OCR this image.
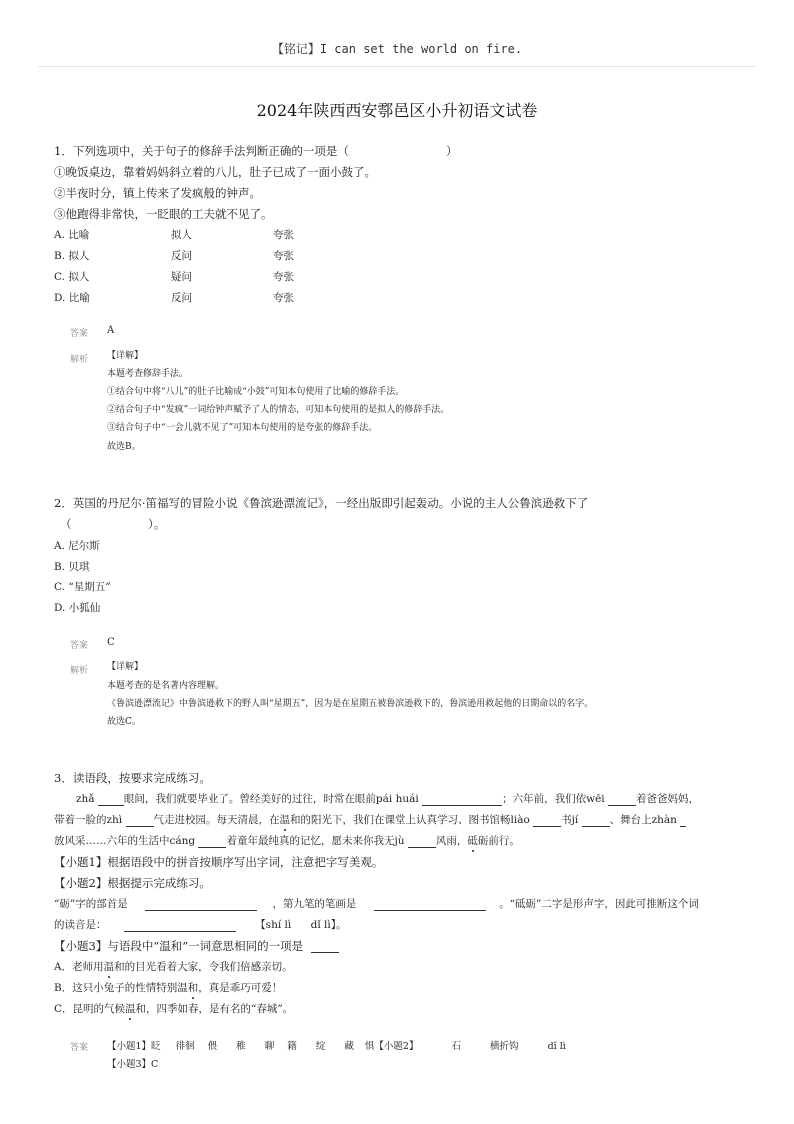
【铭记】I can set the world on fire.
2024年陕西西安鄠邑区小升初语文试卷
1．下列选项中，关于句子的修辞手法判断正确的一项是（	）
①晚饭桌边，靠着妈妈斜立着的八儿，肚子已成了一面小鼓了。
②半夜时分，镇上传来了发疯般的钟声。
③他跑得非常快，一眨眼的工夫就不见了。
A. 比喻	拟人	夸张
B. 拟人	反问	夸张
C. 拟人	疑问	夸张
D. 比喻	反问	夸张
答案 A
解析 【详解】
本题考查修辞手法。
①结合句中将“八儿”的肚子比喻成“小鼓”可知本句使用了比喻的修辞手法。
②结合句子中“发疯”一词给钟声赋予了人的情态，可知本句使用的是拟人的修辞手法。
③结合句子中“一会儿就不见了”可知本句使用的是夸张的修辞手法。
故选B。
2．英国的丹尼尔·笛福写的冒险小说《鲁滨逊漂流记》，一经出版即引起轰动。小说的主人公鲁滨逊救下了
（	）。
A. 尼尔斯
B. 贝琪
C. “星期五”
D. 小狐仙
答案 C
解析 【详解】
本题考查的是名著内容理解。
《鲁滨逊漂流记》中鲁滨逊救下的野人叫“星期五”，因为是在星期五被鲁滨逊救下的，鲁滨逊用救起他的日期命以的名字。
故选C。
3．读语段，按要求完成练习。
zhǎ	眼间，我们就要毕业了。曾经美好的过往，时常在眼前pái huái	；六年前，我们依wēi	着爸爸妈妈，
带着一脸的zhì	气走进校园。每天清晨，在温和的阳光下，我们在课堂上认真学习、图书馆畅liào	书jí	、舞台上zhàn
放风采……六年的生活中cáng	着童年最纯真的记忆，愿未来你我无jù	风雨，砥砺前行。
【小题1】根据语段中的拼音按顺序写出字词，注意把字写美观。
【小题2】根据提示完成练习。
“砺”字的部首是	，第九笔的笔画是	。“砥砺”二字是形声字，因此可推断这个词
的读音是：	【shí lì dǐ lì】。
【小题3】与语段中“温和”一词意思相同的一项是
A．老师用温和的目光看着大家，令我们倍感亲切。
B．这只小兔子的性情特别温和，真是乖巧可爱！
C．昆明的气候温和，四季如春，是有名的“春城”。
答案 【小题1】眨 徘徊 偎 稚 聊 籍 绽 藏 惧【小题2】	石	横折钩	dǐ lì
【小题3】C
